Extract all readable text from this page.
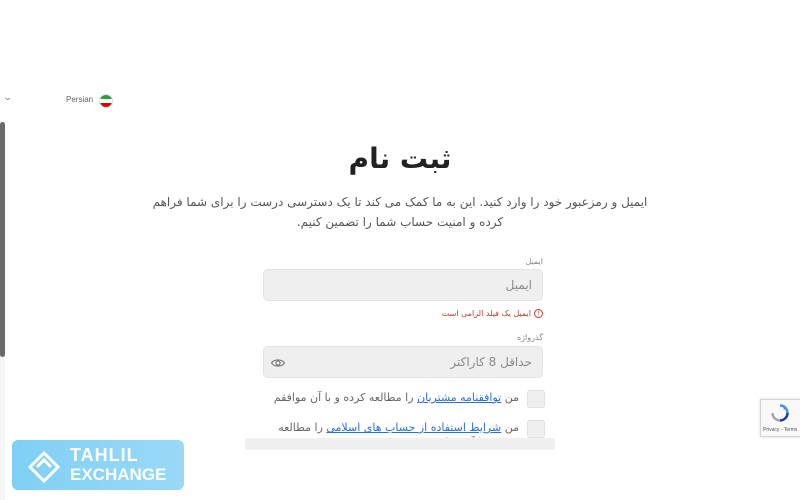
⌄	Persian
ثبت نام
ایمیل و رمزعبور خود را وارد کنید. این به ما کمک می کند تا یک دسترسی درست را برای شما فراهم کرده و امنیت حساب شما را تضمین کنیم.
ایمیل
ایمیل
!
ایمیل یک فیلد الزامی است
گذرواژه
من توافقنامه مشتریان را مطالعه کرده و با آن موافقم
من شرایط استفاده از حساب های اسلامی را مطالعه	Privacy - Terms
TAHLIL
EXCHANGE
